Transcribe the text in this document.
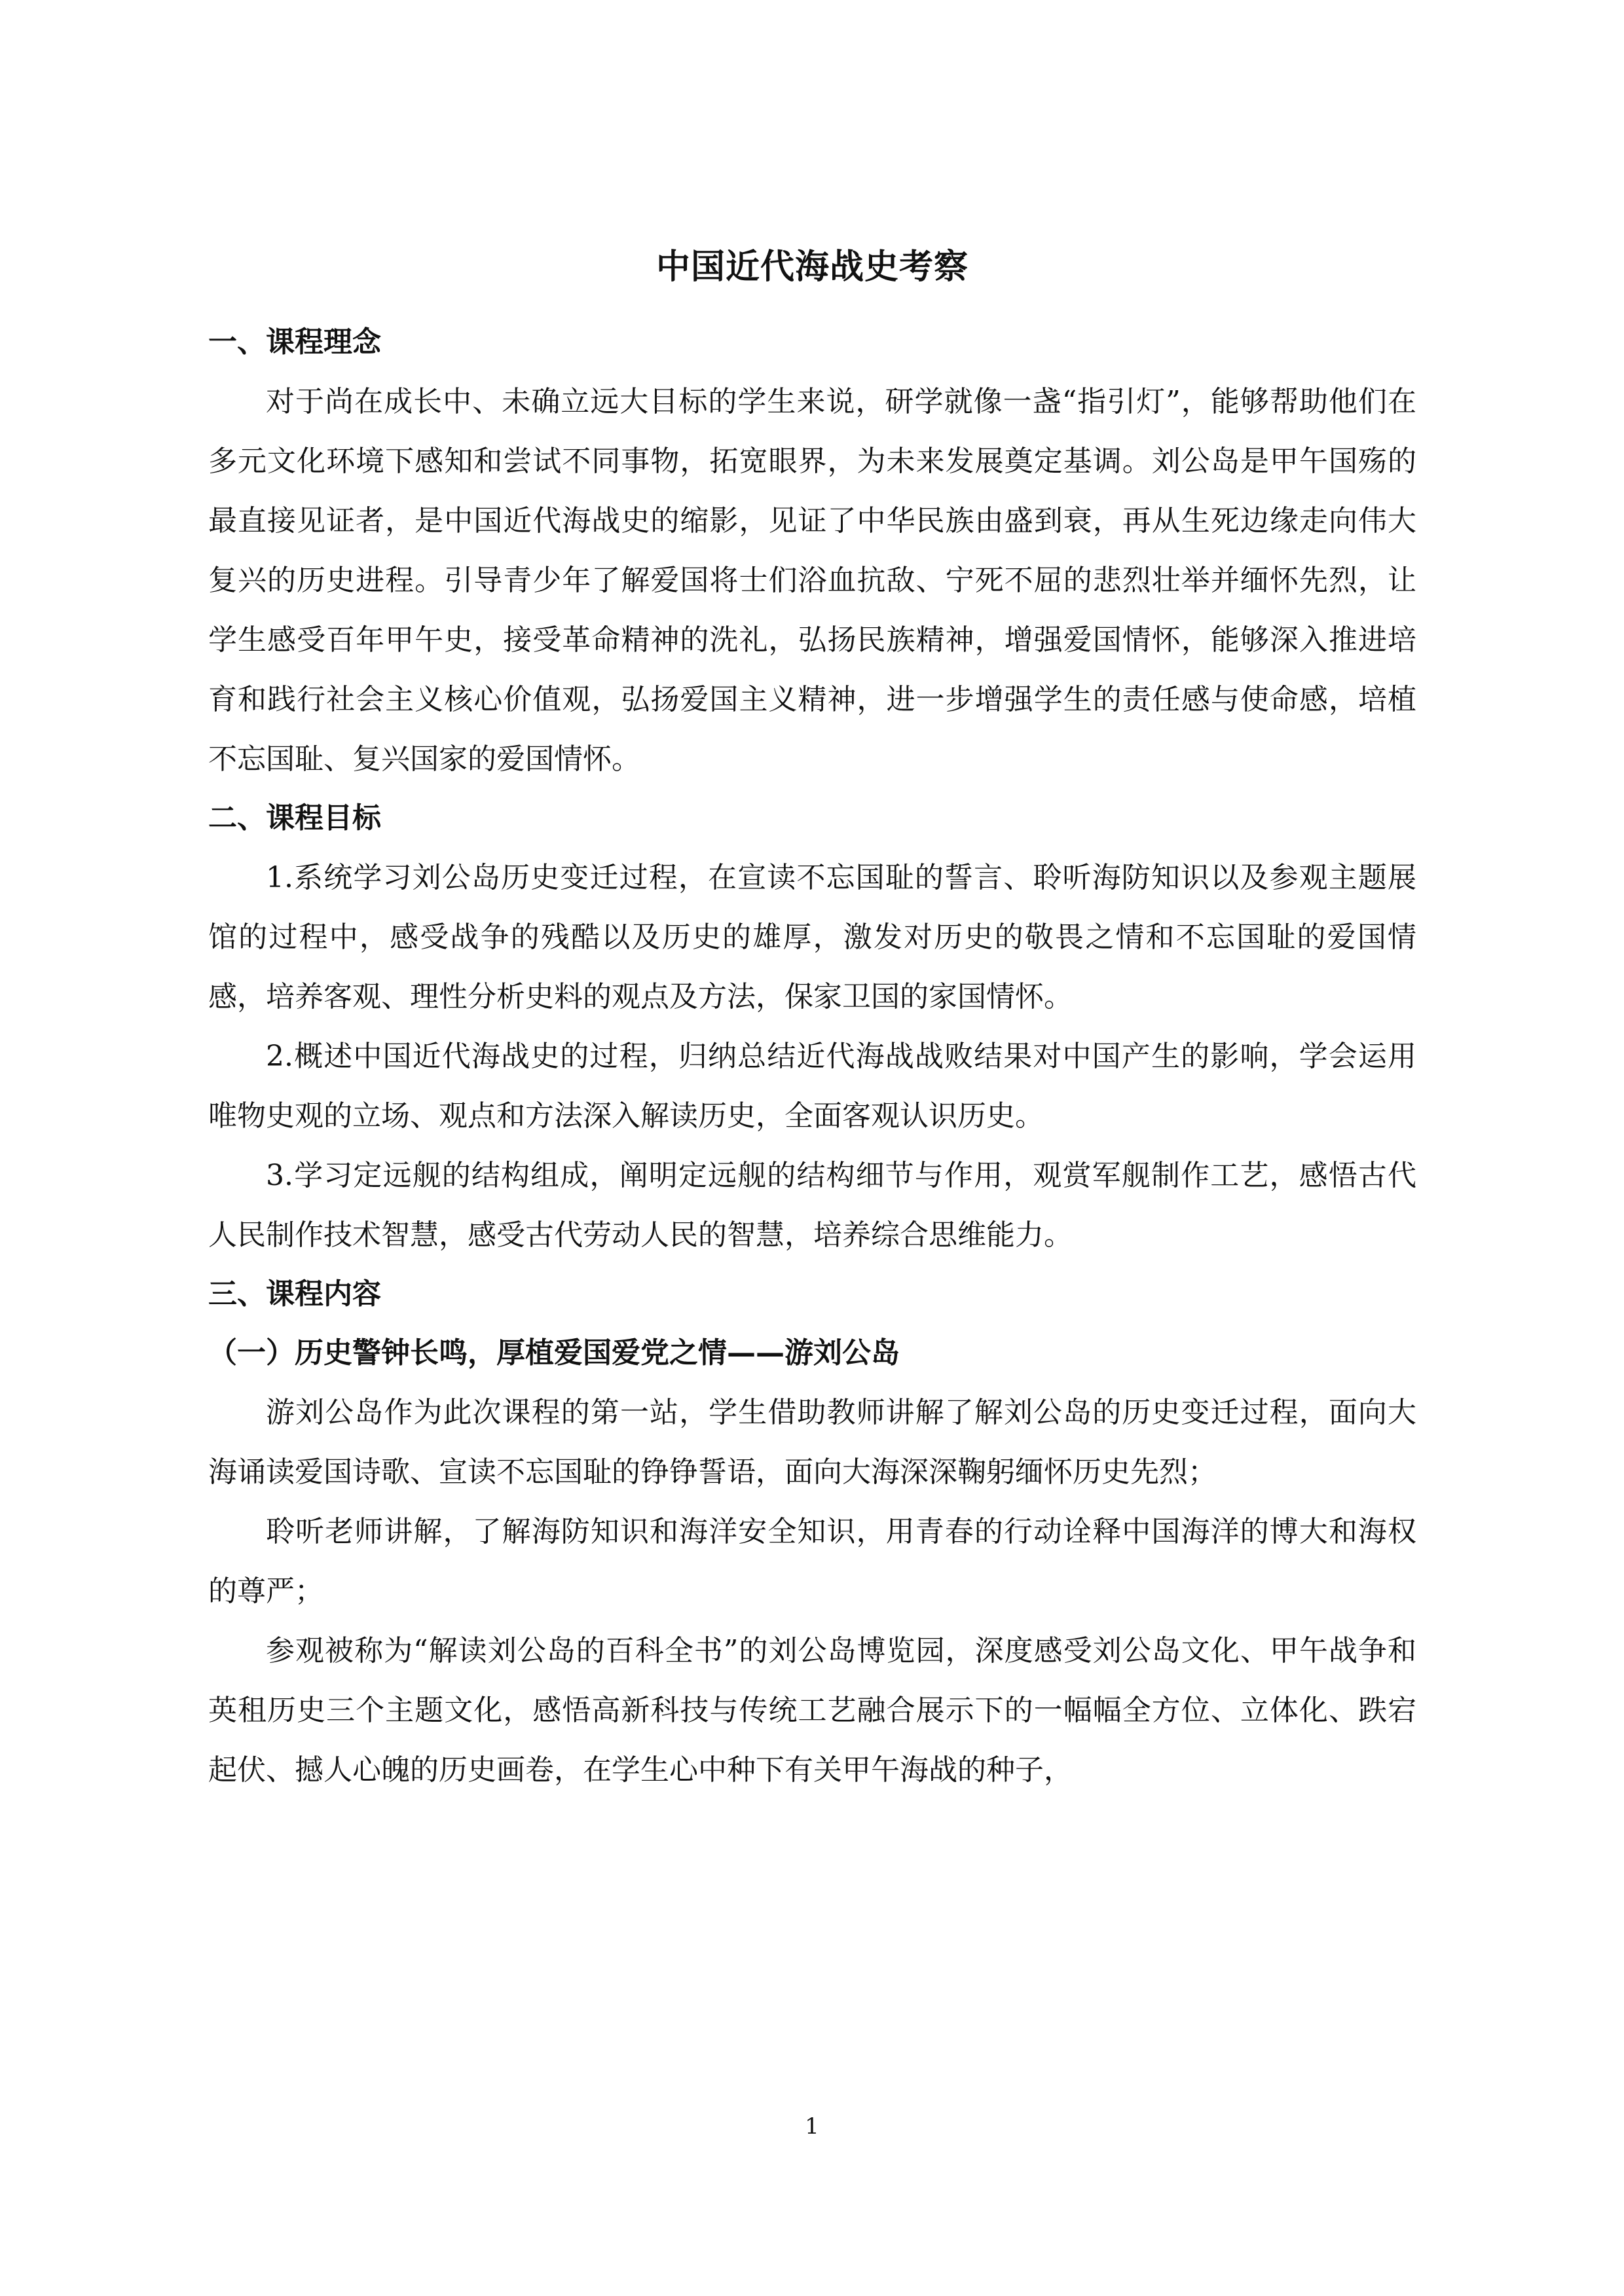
中国近代海战史考察
一、课程理念

对于尚在成长中、未确立远大目标的学生来说，研学就像一盏“指引灯”，能够帮助他们在多元文化环境下感知和尝试不同事物，拓宽眼界，为未来发展奠定基调。刘公岛是甲午国殇的最直接见证者，是中国近代海战史的缩影，见证了中华民族由盛到衰，再从生死边缘走向伟大复兴的历史进程。引导青少年了解爱国将士们浴血抗敌、宁死不屈的悲烈壮举并缅怀先烈，让学生感受百年甲午史，接受革命精神的洗礼，弘扬民族精神，增强爱国情怀，能够深入推进培育和践行社会主义核心价值观，弘扬爱国主义精神，进一步增强学生的责任感与使命感，培植不忘国耻、复兴国家的爱国情怀。

二、课程目标

1.系统学习刘公岛历史变迁过程，在宣读不忘国耻的誓言、聆听海防知识以及参观主题展馆的过程中，感受战争的残酷以及历史的雄厚，激发对历史的敬畏之情和不忘国耻的爱国情感，培养客观、理性分析史料的观点及方法，保家卫国的家国情怀。

2.概述中国近代海战史的过程，归纳总结近代海战战败结果对中国产生的影响，学会运用唯物史观的立场、观点和方法深入解读历史，全面客观认识历史。

3.学习定远舰的结构组成，阐明定远舰的结构细节与作用，观赏军舰制作工艺，感悟古代人民制作技术智慧，感受古代劳动人民的智慧，培养综合思维能力。

三、课程内容
（一）历史警钟长鸣，厚植爱国爱党之情——游刘公岛

游刘公岛作为此次课程的第一站，学生借助教师讲解了解刘公岛的历史变迁过程，面向大海诵读爱国诗歌、宣读不忘国耻的铮铮誓语，面向大海深深鞠躬缅怀历史先烈；

聆听老师讲解，了解海防知识和海洋安全知识，用青春的行动诠释中国海洋的博大和海权的尊严；

参观被称为“解读刘公岛的百科全书”的刘公岛博览园，深度感受刘公岛文化、甲午战争和英租历史三个主题文化，感悟高新科技与传统工艺融合展示下的一幅幅全方位、立体化、跌宕起伏、撼人心魄的历史画卷，在学生心中种下有关甲午海战的种子，

1
